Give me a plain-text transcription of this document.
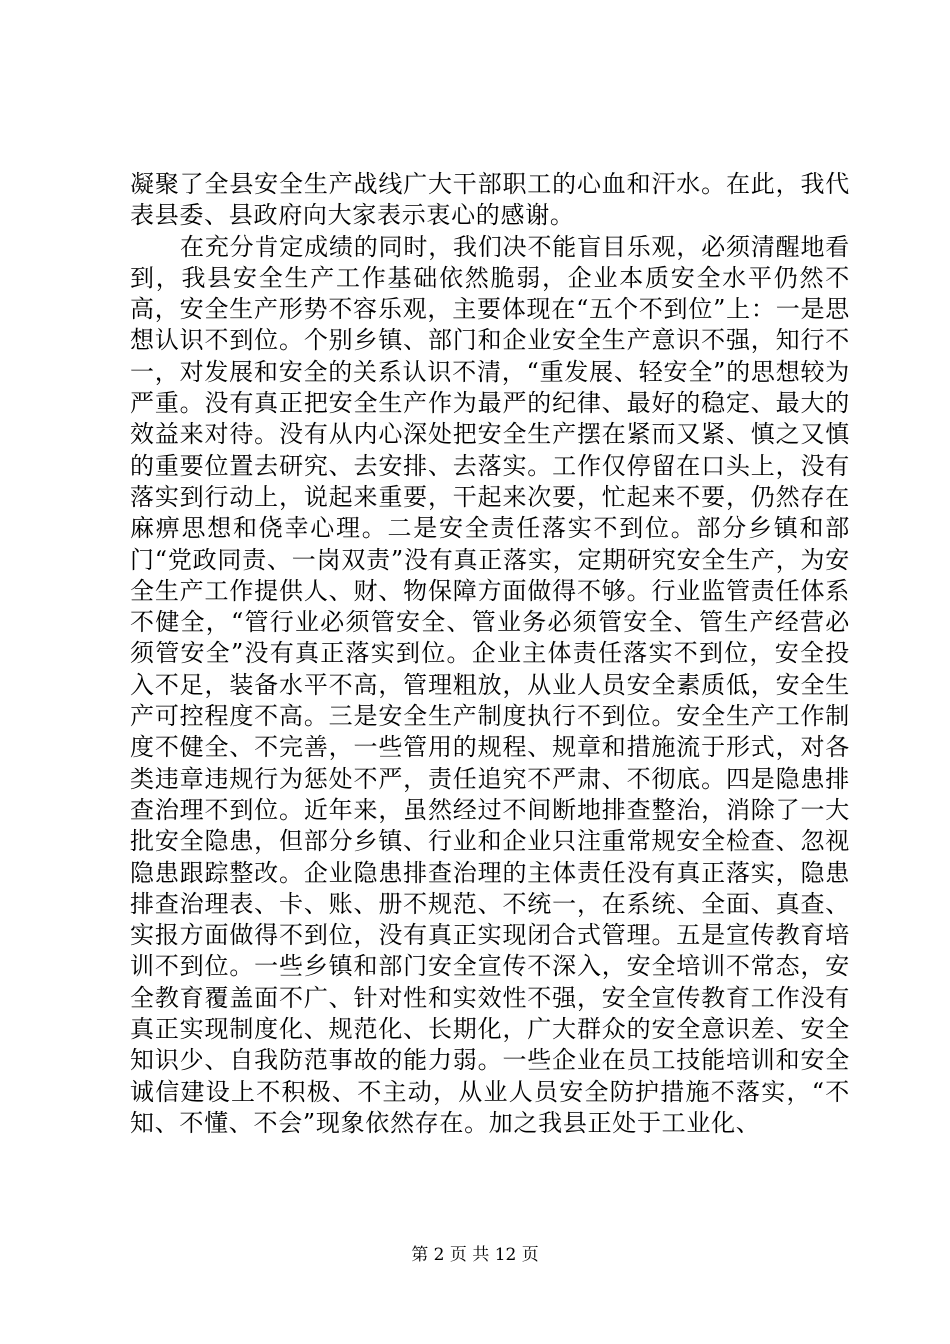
凝聚了全县安全生产战线广大干部职工的心血和汗水。在此，我代表县委、县政府向大家表示衷心的感谢。

在充分肯定成绩的同时，我们决不能盲目乐观，必须清醒地看到，我县安全生产工作基础依然脆弱，企业本质安全水平仍然不高，安全生产形势不容乐观，主要体现在“五个不到位”上：一是思想认识不到位。个别乡镇、部门和企业安全生产意识不强，知行不一，对发展和安全的关系认识不清，“重发展、轻安全”的思想较为严重。没有真正把安全生产作为最严的纪律、最好的稳定、最大的效益来对待。没有从内心深处把安全生产摆在紧而又紧、慎之又慎的重要位置去研究、去安排、去落实。工作仅停留在口头上，没有落实到行动上，说起来重要，干起来次要，忙起来不要，仍然存在麻痹思想和侥幸心理。二是安全责任落实不到位。部分乡镇和部门“党政同责、一岗双责”没有真正落实，定期研究安全生产，为安全生产工作提供人、财、物保障方面做得不够。行业监管责任体系不健全，“管行业必须管安全、管业务必须管安全、管生产经营必须管安全”没有真正落实到位。企业主体责任落实不到位，安全投入不足，装备水平不高，管理粗放，从业人员安全素质低，安全生产可控程度不高。三是安全生产制度执行不到位。安全生产工作制度不健全、不完善，一些管用的规程、规章和措施流于形式，对各类违章违规行为惩处不严，责任追究不严肃、不彻底。四是隐患排查治理不到位。近年来，虽然经过不间断地排查整治，消除了一大批安全隐患，但部分乡镇、行业和企业只注重常规安全检查、忽视隐患跟踪整改。企业隐患排查治理的主体责任没有真正落实，隐患排查治理表、卡、账、册不规范、不统一，在系统、全面、真查、实报方面做得不到位，没有真正实现闭合式管理。五是宣传教育培训不到位。一些乡镇和部门安全宣传不深入，安全培训不常态，安全教育覆盖面不广、针对性和实效性不强，安全宣传教育工作没有真正实现制度化、规范化、长期化，广大群众的安全意识差、安全知识少、自我防范事故的能力弱。一些企业在员工技能培训和安全诚信建设上不积极、不主动，从业人员安全防护措施不落实，“不知、不懂、不会”现象依然存在。加之我县正处于工业化、

第 2 页 共 12 页
